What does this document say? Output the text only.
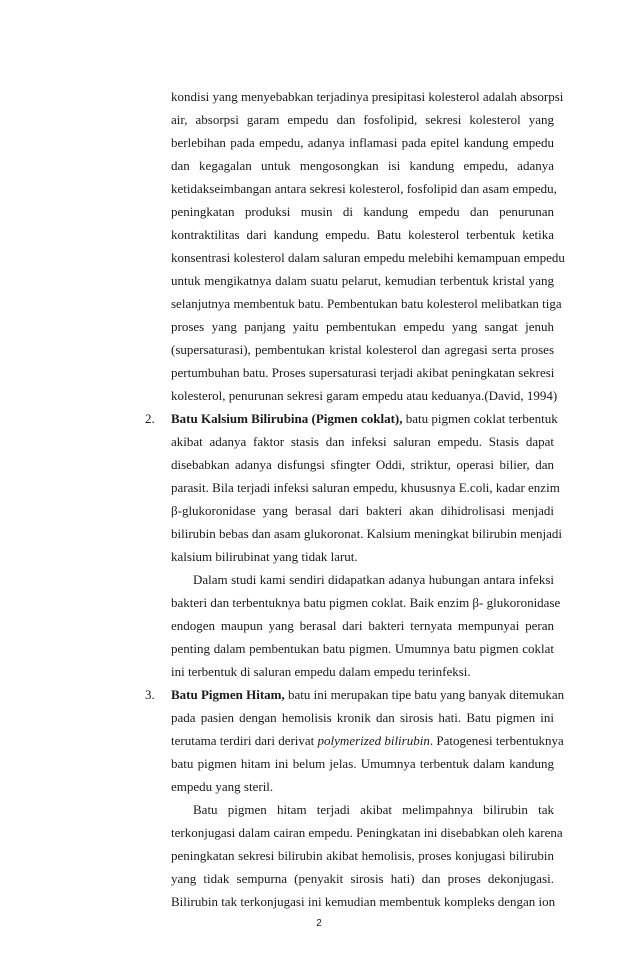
kondisi yang menyebabkan terjadinya presipitasi kolesterol adalah absorpsi
air, absorpsi garam empedu dan fosfolipid, sekresi kolesterol yang
berlebihan pada empedu, adanya inflamasi pada epitel kandung empedu
dan kegagalan untuk mengosongkan isi kandung empedu, adanya
ketidakseimbangan antara sekresi kolesterol, fosfolipid dan asam empedu,
peningkatan produksi musin di kandung empedu dan penurunan
kontraktilitas dari kandung empedu. Batu kolesterol terbentuk ketika
konsentrasi kolesterol dalam saluran empedu melebihi kemampuan empedu
untuk mengikatnya dalam suatu pelarut, kemudian terbentuk kristal yang
selanjutnya membentuk batu. Pembentukan batu kolesterol melibatkan tiga
proses yang panjang yaitu pembentukan empedu yang sangat jenuh
(supersaturasi), pembentukan kristal kolesterol dan agregasi serta proses
pertumbuhan batu. Proses supersaturasi terjadi akibat peningkatan sekresi
kolesterol, penurunan sekresi garam empedu atau keduanya.(David, 1994)
2. Batu Kalsium Bilirubina (Pigmen coklat), batu pigmen coklat terbentuk
akibat adanya faktor stasis dan infeksi saluran empedu. Stasis dapat
disebabkan adanya disfungsi sfingter Oddi, striktur, operasi bilier, dan
parasit. Bila terjadi infeksi saluran empedu, khususnya E.coli, kadar enzim
β-glukoronidase yang berasal dari bakteri akan dihidrolisasi menjadi
bilirubin bebas dan asam glukoronat. Kalsium meningkat bilirubin menjadi
kalsium bilirubinat yang tidak larut.
Dalam studi kami sendiri didapatkan adanya hubungan antara infeksi
bakteri dan terbentuknya batu pigmen coklat. Baik enzim β- glukoronidase
endogen maupun yang berasal dari bakteri ternyata mempunyai peran
penting dalam pembentukan batu pigmen. Umumnya batu pigmen coklat
ini terbentuk di saluran empedu dalam empedu terinfeksi.
3. Batu Pigmen Hitam, batu ini merupakan tipe batu yang banyak ditemukan
pada pasien dengan hemolisis kronik dan sirosis hati. Batu pigmen ini
terutama terdiri dari derivat polymerized bilirubin. Patogenesi terbentuknya
batu pigmen hitam ini belum jelas. Umumnya terbentuk dalam kandung
empedu yang steril.
Batu pigmen hitam terjadi akibat melimpahnya bilirubin tak
terkonjugasi dalam cairan empedu. Peningkatan ini disebabkan oleh karena
peningkatan sekresi bilirubin akibat hemolisis, proses konjugasi bilirubin
yang tidak sempurna (penyakit sirosis hati) dan proses dekonjugasi.
Bilirubin tak terkonjugasi ini kemudian membentuk kompleks dengan ion
2
